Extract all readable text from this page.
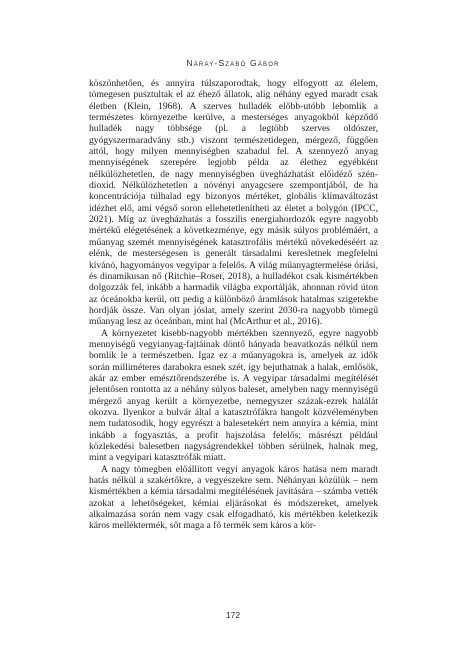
Náray-Szabó Gábor

köszönhetően, és annyira túlszaporodtak, hogy elfogyott az élelem, tömegesen pusztultak el az éhező állatok, alig néhány egyed maradt csak életben (Klein, 1968). A szerves hulladék előbb-utóbb lebomlik a természetes környezetbe kerülve, a mesterséges anyagokból képződő hulladék nagy többsége (pl. a legtöbb szerves oldószer, gyógyszermaradvány stb.) viszont természetidegen, mérgező, függően attól, hogy milyen mennyiségben szabadul fel. A szennyező anyag mennyiségének szerepére legjobb példa az élethez egyébként nélkülözhetetlen, de nagy mennyiségben üvegházhatást előidéző szén-dioxid. Nélkülözhetetlen a növényi anyagcsere szempontjából, de ha koncentrációja túlhalad egy bizonyos mértéket, globális klímaváltozást idézhet elő, ami végső soron ellehetetlenítheti az életet a bolygón (IPCC, 2021). Míg az üvegházhatás a fosszilis energiahordozók egyre nagyobb mértékű elégetésének a következménye, egy másik súlyos problémáért, a műanyag szemét mennyiségének katasztrofális mértékű növekedéséért az elénk, de mesterségesen is generált társadalmi keresletnek megfelelni kívánó, hagyományos vegyipar a felelős. A világ műanyagtermelése óriási, és dinamikusan nő (Ritchie–Roser, 2018), a hulladékot csak kismértékben dolgozzák fel, inkább a harmadik világba exportálják, ahonnan rövid úton az óceánokba kerül, ott pedig a különböző áramlások hatalmas szigetekbe hordják össze. Van olyan jóslat, amely szerint 2030-ra nagyobb tömegű műanyag lesz az óceánban, mint hal (McArthur et al., 2016).

A környezetet kisebb-nagyobb mértékben szennyező, egyre nagyobb mennyiségű vegyianyag-fajtáinak döntő hányada beavatkozás nélkül nem bomlik le a természetben. Igaz ez a műanyagokra is, amelyek az idők során milliméteres darabokra esnek szét, így bejuthatnak a halak, emlősök, akár az ember emésztőrendszerébe is. A vegyipar társadalmi megítélését jelentősen rontotta az a néhány súlyos baleset, amelyben nagy mennyiségű mérgező anyag került a környezetbe, nemegyszer százak-ezrek halálát okozva. Ilyenkor a bulvár által a katasztrófákra hangolt közvéleményben nem tudatosodik, hogy egyrészt a balesetekért nem annyira a kémia, mint inkább a fogyasztás, a profit hajszolása felelős; másrészt például közlekedési balesetben nagyságrendekkel többen sérülnek, halnak meg, mint a vegyipari katasztrófák miatt.

A nagy tömegben előállított vegyi anyagok káros hatása nem maradt hatás nélkül a szakértőkre, a vegyészekre sem. Néhányan közülük – nem kismértékben a kémia társadalmi megítélésének javítására – számba vették azokat a lehetőségeket, kémiai eljárásokat és módszereket, amelyek alkalmazása során nem vagy csak elfogadható, kis mértékben keletkezik káros melléktermék, sőt maga a fő termék sem káros a kör-

172
